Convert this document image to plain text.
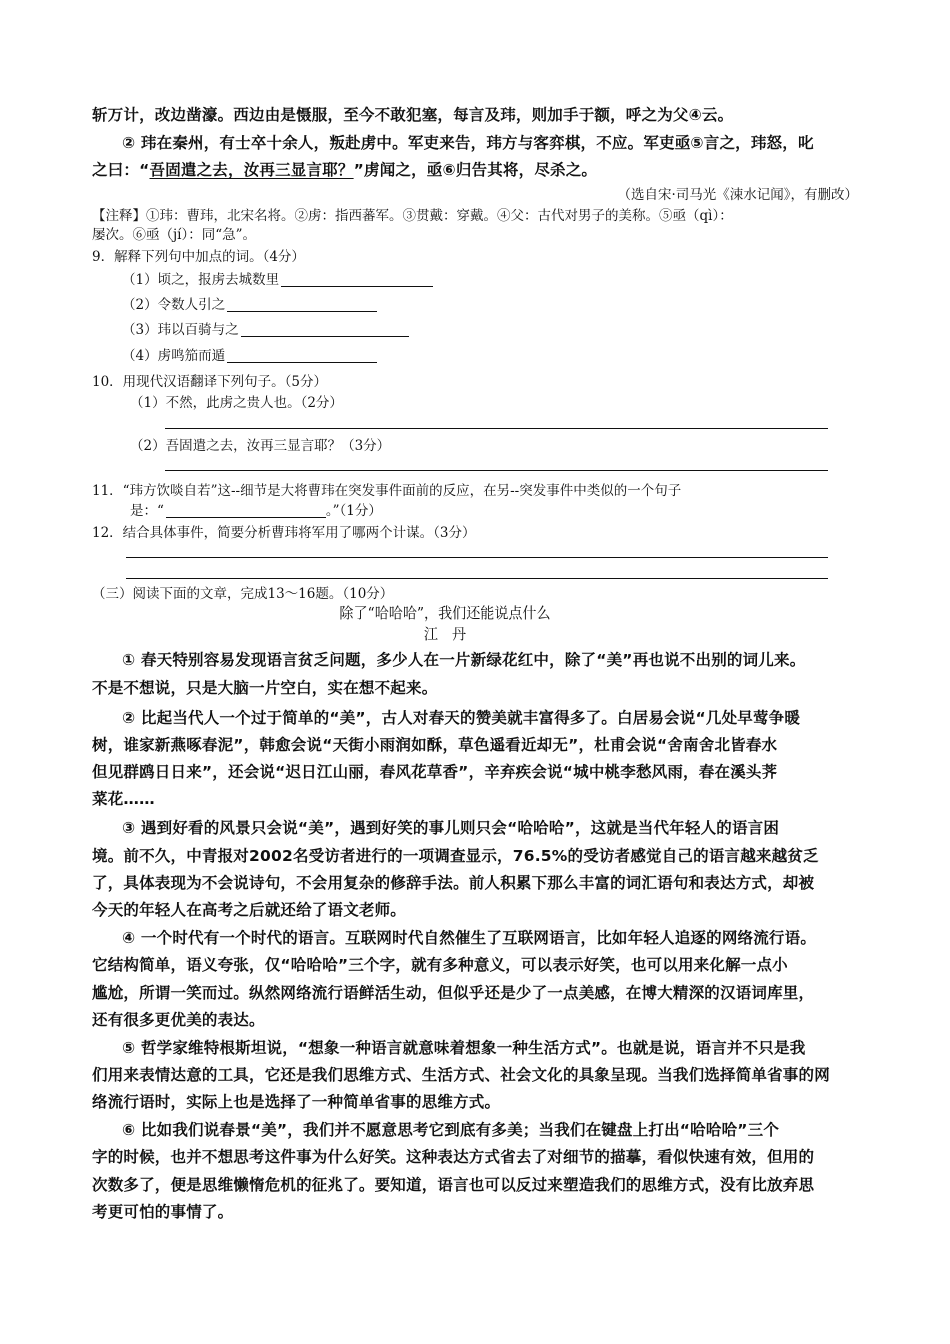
斩万计，改边凿濠。西边由是慑服，至今不敢犯塞，每言及玮，则加手于额，呼之为父④云。
② 玮在秦州，有士卒十余人，叛赴虏中。军吏来告，玮方与客弈棋，不应。军吏亟⑤言之，玮怒，叱
之曰：“吾固遣之去，汝再三显言耶？”虏闻之，亟⑥归告其将，尽杀之。
（选自宋·司马光《涑水记闻》，有删改）
【注释】①玮：曹玮，北宋名将。②虏：指西蕃军。③贯戴：穿戴。④父：古代对男子的美称。⑤亟（qì）：
屡次。⑥亟（jí）：同“急”。
9．解释下列句中加点的词。（4分）
（1）顷之，报虏去城数里
（2）令数人引之
（3）玮以百骑与之
（4）虏鸣笳而遁
10．用现代汉语翻译下列句子。（5分）
（1）不然，此虏之贵人也。（2分）
（2）吾固遣之去，汝再三显言耶？（3分）
11．“玮方饮啖自若”这--细节是大将曹玮在突发事件面前的反应，在另--突发事件中类似的一个句子
是：“	。”（1分）
12．结合具体事件，简要分析曹玮将军用了哪两个计谋。（3分）
（三）阅读下面的文章，完成13～16题。（10分）
除了“哈哈哈”，我们还能说点什么
江　丹
① 春天特别容易发现语言贫乏问题，多少人在一片新绿花红中，除了“美”再也说不出别的词儿来。
不是不想说，只是大脑一片空白，实在想不起来。
② 比起当代人一个过于简单的“美”，古人对春天的赞美就丰富得多了。白居易会说“几处早莺争暖
树，谁家新燕啄春泥”，韩愈会说“天街小雨润如酥，草色遥看近却无”，杜甫会说“舍南舍北皆春水
但见群鸥日日来”，还会说“迟日江山丽，春风花草香”，辛弃疾会说“城中桃李愁风雨，春在溪头荠
菜花……
③ 遇到好看的风景只会说“美”，遇到好笑的事儿则只会“哈哈哈”，这就是当代年轻人的语言困
境。前不久，中青报对2002名受访者进行的一项调查显示，76.5%的受访者感觉自己的语言越来越贫乏
了，具体表现为不会说诗句，不会用复杂的修辞手法。前人积累下那么丰富的词汇语句和表达方式，却被
今天的年轻人在高考之后就还给了语文老师。
④ 一个时代有一个时代的语言。互联网时代自然催生了互联网语言，比如年轻人追逐的网络流行语。
它结构简单，语义夸张，仅“哈哈哈”三个字，就有多种意义，可以表示好笑，也可以用来化解一点小
尴尬，所谓一笑而过。纵然网络流行语鲜活生动，但似乎还是少了一点美感，在博大精深的汉语词库里，
还有很多更优美的表达。
⑤ 哲学家维特根斯坦说，“想象一种语言就意味着想象一种生活方式”。也就是说，语言并不只是我
们用来表情达意的工具，它还是我们思维方式、生活方式、社会文化的具象呈现。当我们选择简单省事的网
络流行语时，实际上也是选择了一种简单省事的思维方式。
⑥ 比如我们说春景“美”，我们并不愿意思考它到底有多美；当我们在键盘上打出“哈哈哈”三个
字的时候，也并不想思考这件事为什么好笑。这种表达方式省去了对细节的描摹，看似快速有效，但用的
次数多了，便是思维懒惰危机的征兆了。要知道，语言也可以反过来塑造我们的思维方式，没有比放弃思
考更可怕的事情了。
